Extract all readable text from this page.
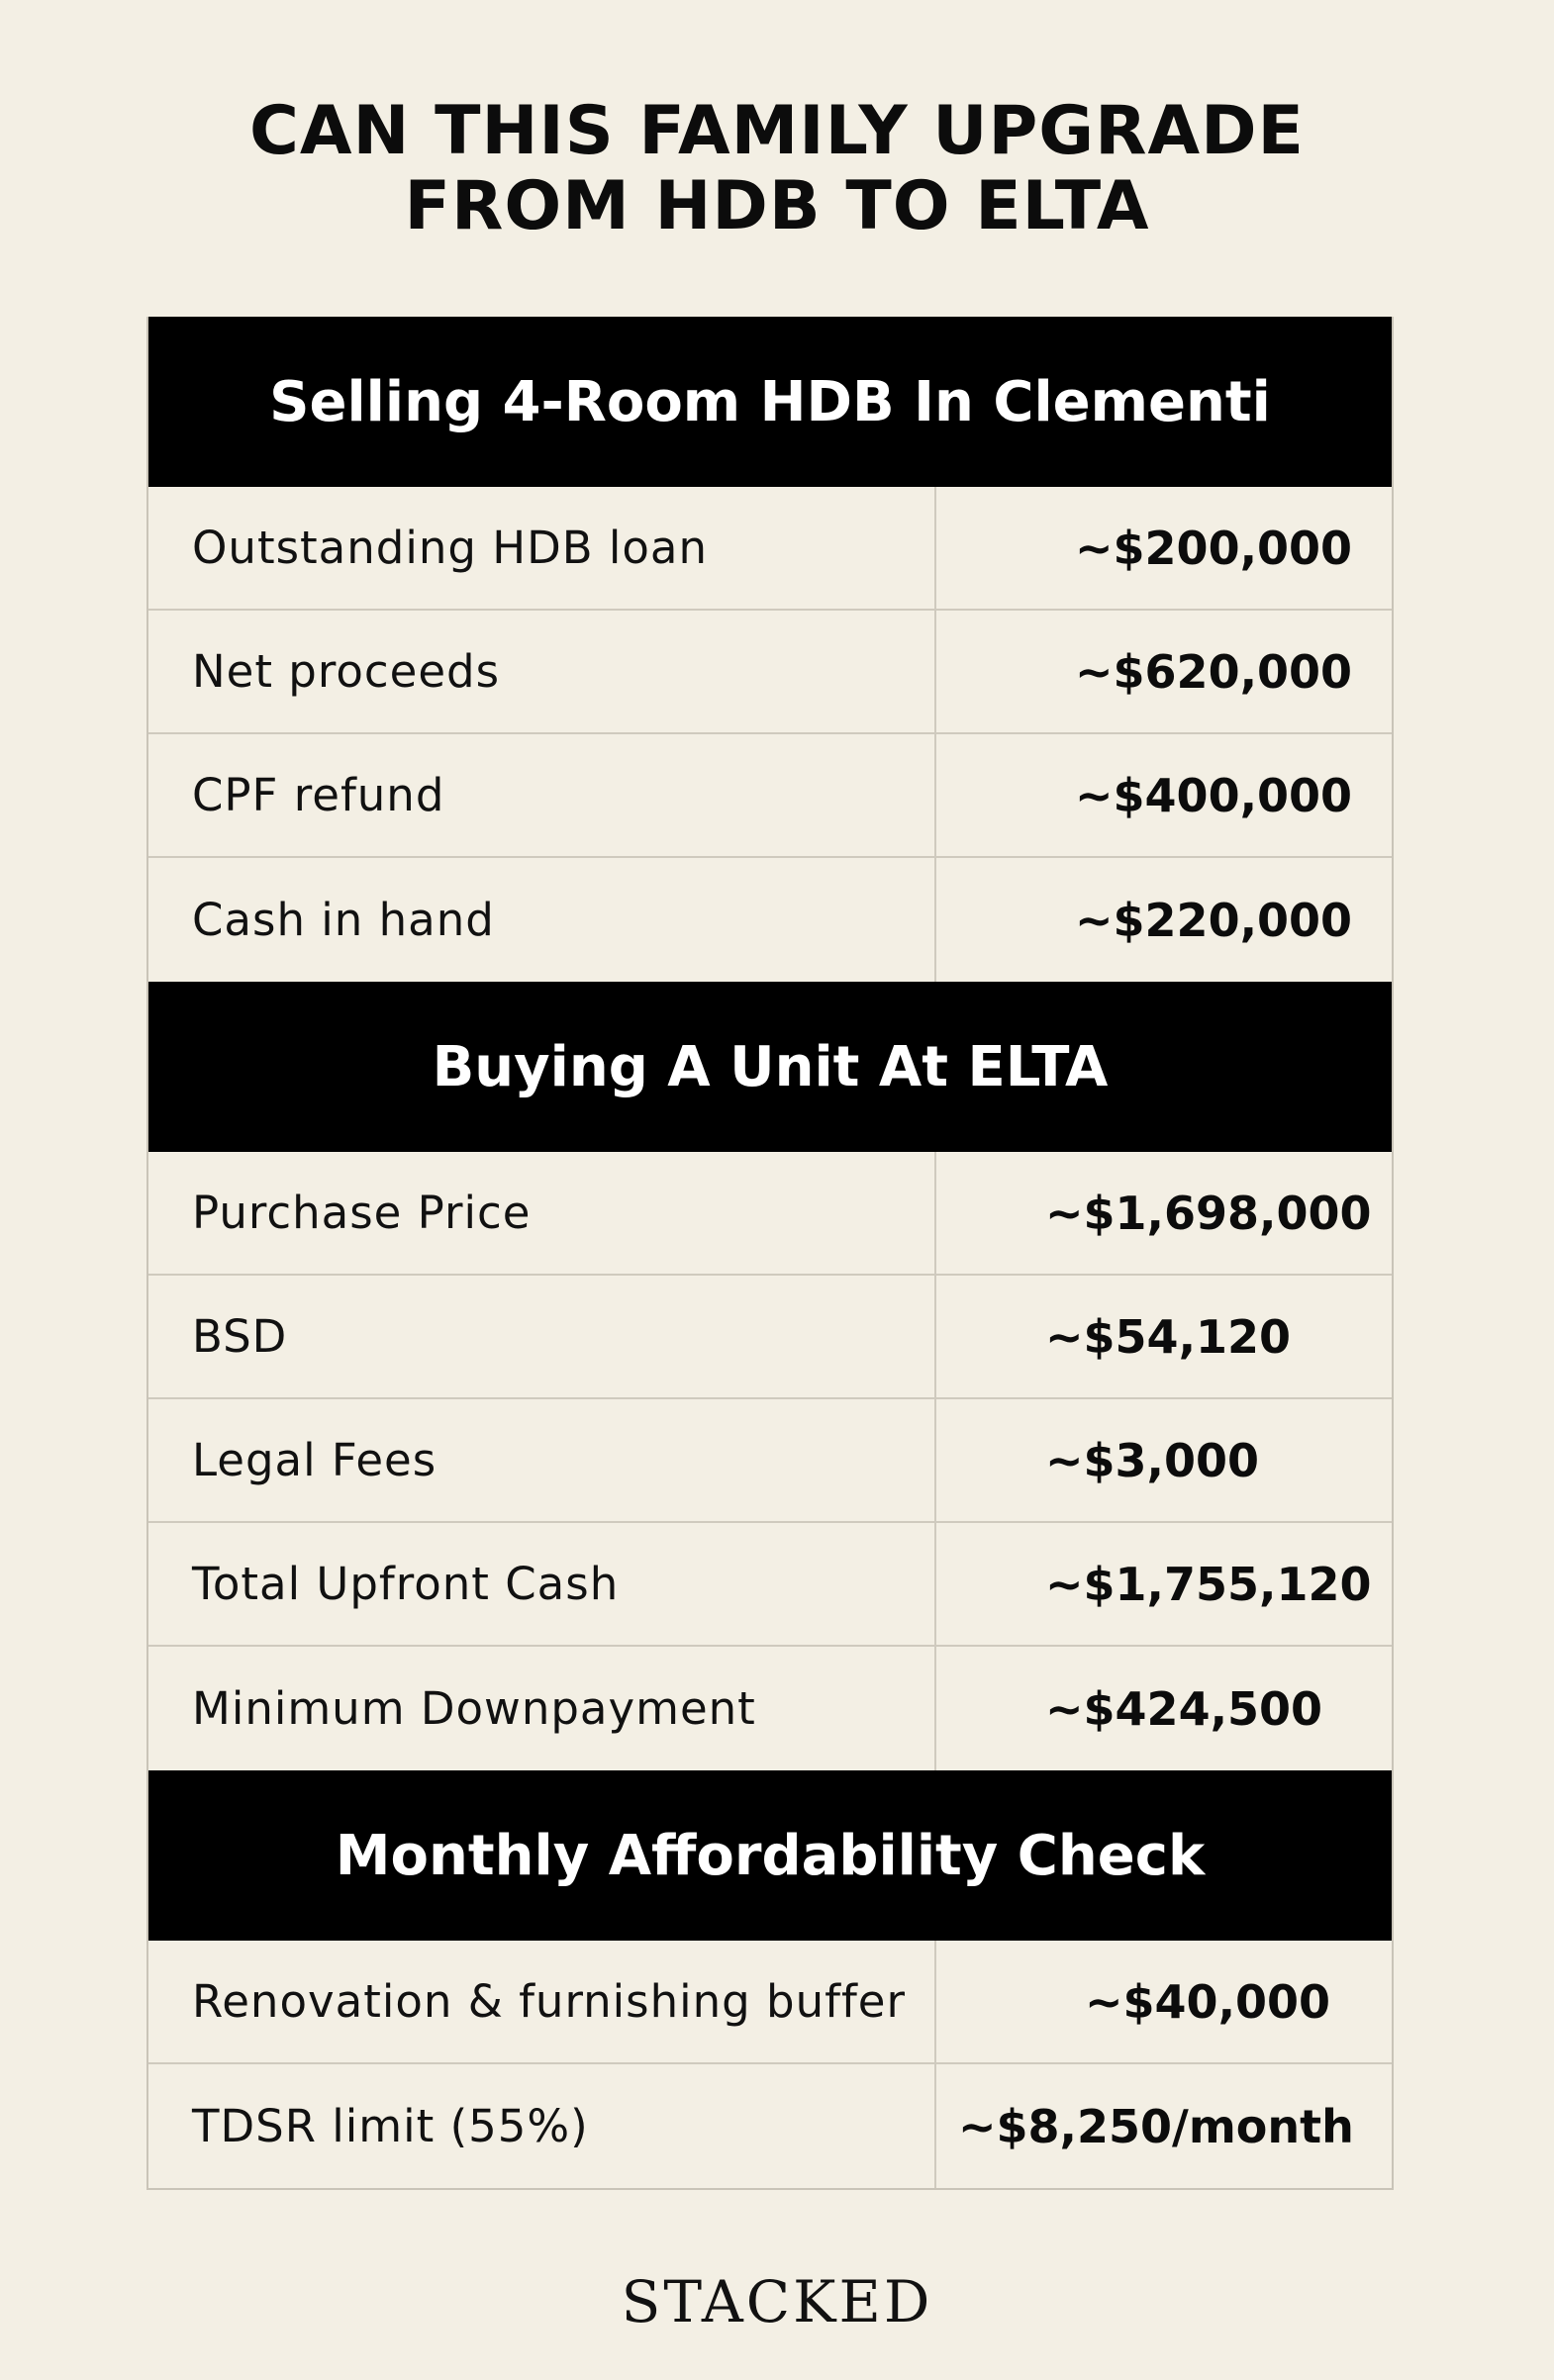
CAN THIS FAMILY UPGRADE
FROM HDB TO ELTA
Selling 4-Room HDB In Clementi
Outstanding HDB loan	~$200,000
Net proceeds	~$620,000
CPF refund	~$400,000
Cash in hand	~$220,000
Buying A Unit At ELTA
Purchase Price	~$1,698,000
BSD	~$54,120
Legal Fees	~$3,000
Total Upfront Cash	~$1,755,120
Minimum Downpayment	~$424,500
Monthly Affordability Check
Renovation & furnishing buffer	~$40,000
TDSR limit (55%)	~$8,250/month
STACKED
